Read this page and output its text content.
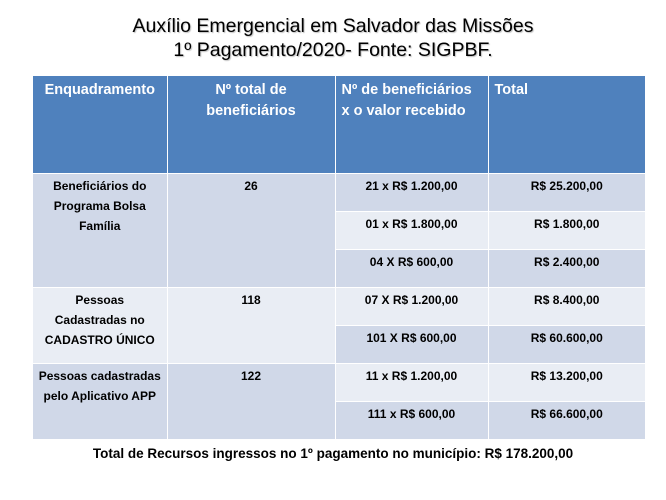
Auxílio Emergencial em Salvador das Missões
1º Pagamento/2020- Fonte: SIGPBF.
Enquadramento	Nº total de beneficiários	Nº de beneficiários x o valor recebido	Total
Beneficiários do Programa Bolsa Família	26	21 x R$ 1.200,00	R$ 25.200,00
		01 x R$ 1.800,00	R$ 1.800,00
		04 X R$ 600,00	R$ 2.400,00
Pessoas Cadastradas no CADASTRO ÚNICO	118	07 X R$ 1.200,00	R$ 8.400,00
		101 X R$ 600,00	R$ 60.600,00
Pessoas cadastradas pelo Aplicativo APP	122	11 x R$ 1.200,00	R$ 13.200,00
		111 x R$ 600,00	R$ 66.600,00
Total de Recursos ingressos no 1º pagamento no município: R$ 178.200,00
